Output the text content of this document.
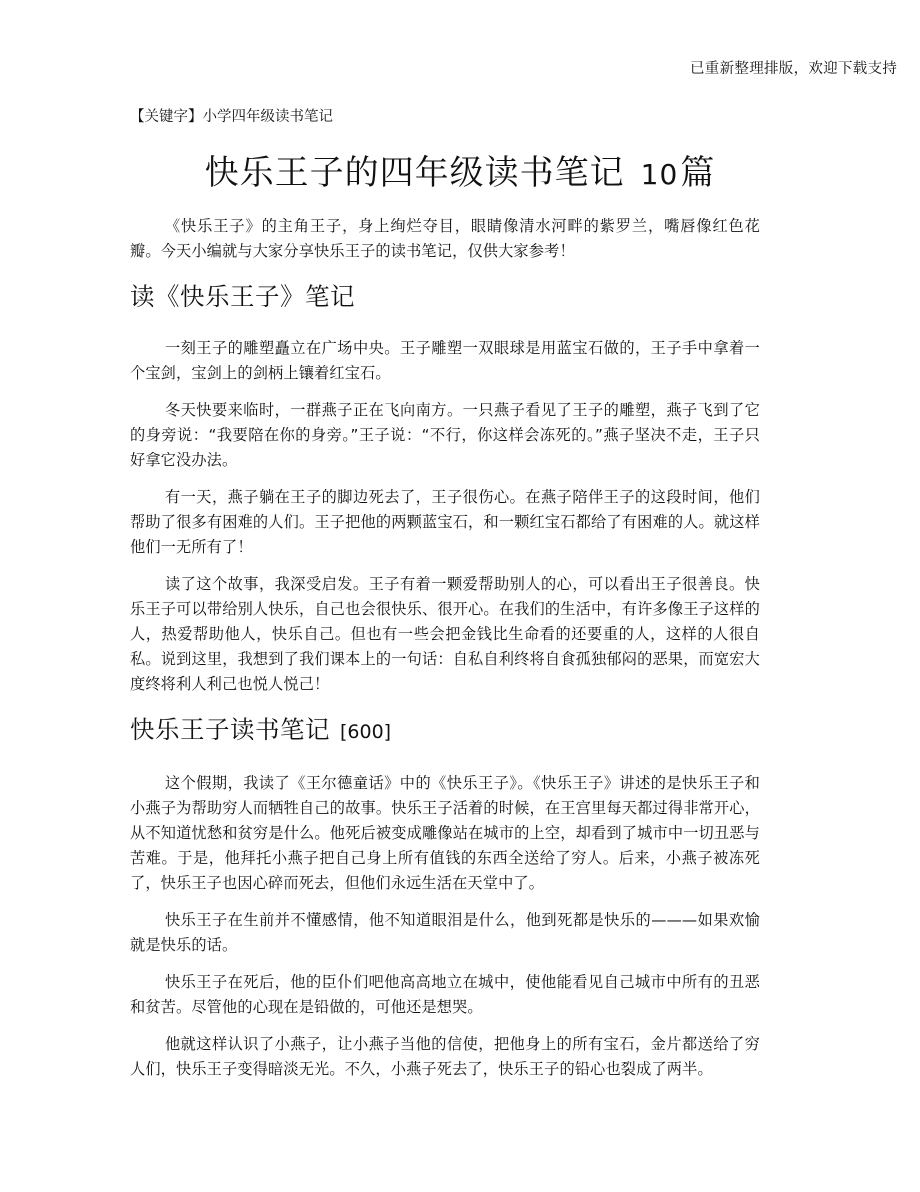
已重新整理排版，欢迎下载支持
【关键字】小学四年级读书笔记
快乐王子的四年级读书笔记 10篇

《快乐王子》的主角王子，身上绚烂夺目，眼睛像清水河畔的紫罗兰，嘴唇像红色花瓣。今天小编就与大家分享快乐王子的读书笔记，仅供大家参考！

读《快乐王子》笔记

一刻王子的雕塑矗立在广场中央。王子雕塑一双眼球是用蓝宝石做的，王子手中拿着一个宝剑，宝剑上的剑柄上镶着红宝石。

冬天快要来临时，一群燕子正在飞向南方。一只燕子看见了王子的雕塑，燕子飞到了它的身旁说：“我要陪在你的身旁。”王子说：“不行，你这样会冻死的。”燕子坚决不走，王子只好拿它没办法。

有一天，燕子躺在王子的脚边死去了，王子很伤心。在燕子陪伴王子的这段时间，他们帮助了很多有困难的人们。王子把他的两颗蓝宝石，和一颗红宝石都给了有困难的人。就这样他们一无所有了！

读了这个故事，我深受启发。王子有着一颗爱帮助别人的心，可以看出王子很善良。快乐王子可以带给别人快乐，自己也会很快乐、很开心。在我们的生活中，有许多像王子这样的人，热爱帮助他人，快乐自己。但也有一些会把金钱比生命看的还要重的人，这样的人很自私。说到这里，我想到了我们课本上的一句话：自私自利终将自食孤独郁闷的恶果，而宽宏大度终将利人利己也悦人悦己！

快乐王子读书笔记 [600]

这个假期，我读了《王尔德童话》中的《快乐王子》。《快乐王子》讲述的是快乐王子和小燕子为帮助穷人而牺牲自己的故事。快乐王子活着的时候，在王宫里每天都过得非常开心，从不知道忧愁和贫穷是什么。他死后被变成雕像站在城市的上空，却看到了城市中一切丑恶与苦难。于是，他拜托小燕子把自己身上所有值钱的东西全送给了穷人。后来，小燕子被冻死了，快乐王子也因心碎而死去，但他们永远生活在天堂中了。

快乐王子在生前并不懂感情，他不知道眼泪是什么，他到死都是快乐的———如果欢愉就是快乐的话。

快乐王子在死后，他的臣仆们吧他高高地立在城中，使他能看见自己城市中所有的丑恶和贫苦。尽管他的心现在是铅做的，可他还是想哭。

他就这样认识了小燕子，让小燕子当他的信使，把他身上的所有宝石，金片都送给了穷人们，快乐王子变得暗淡无光。不久，小燕子死去了，快乐王子的铅心也裂成了两半。
